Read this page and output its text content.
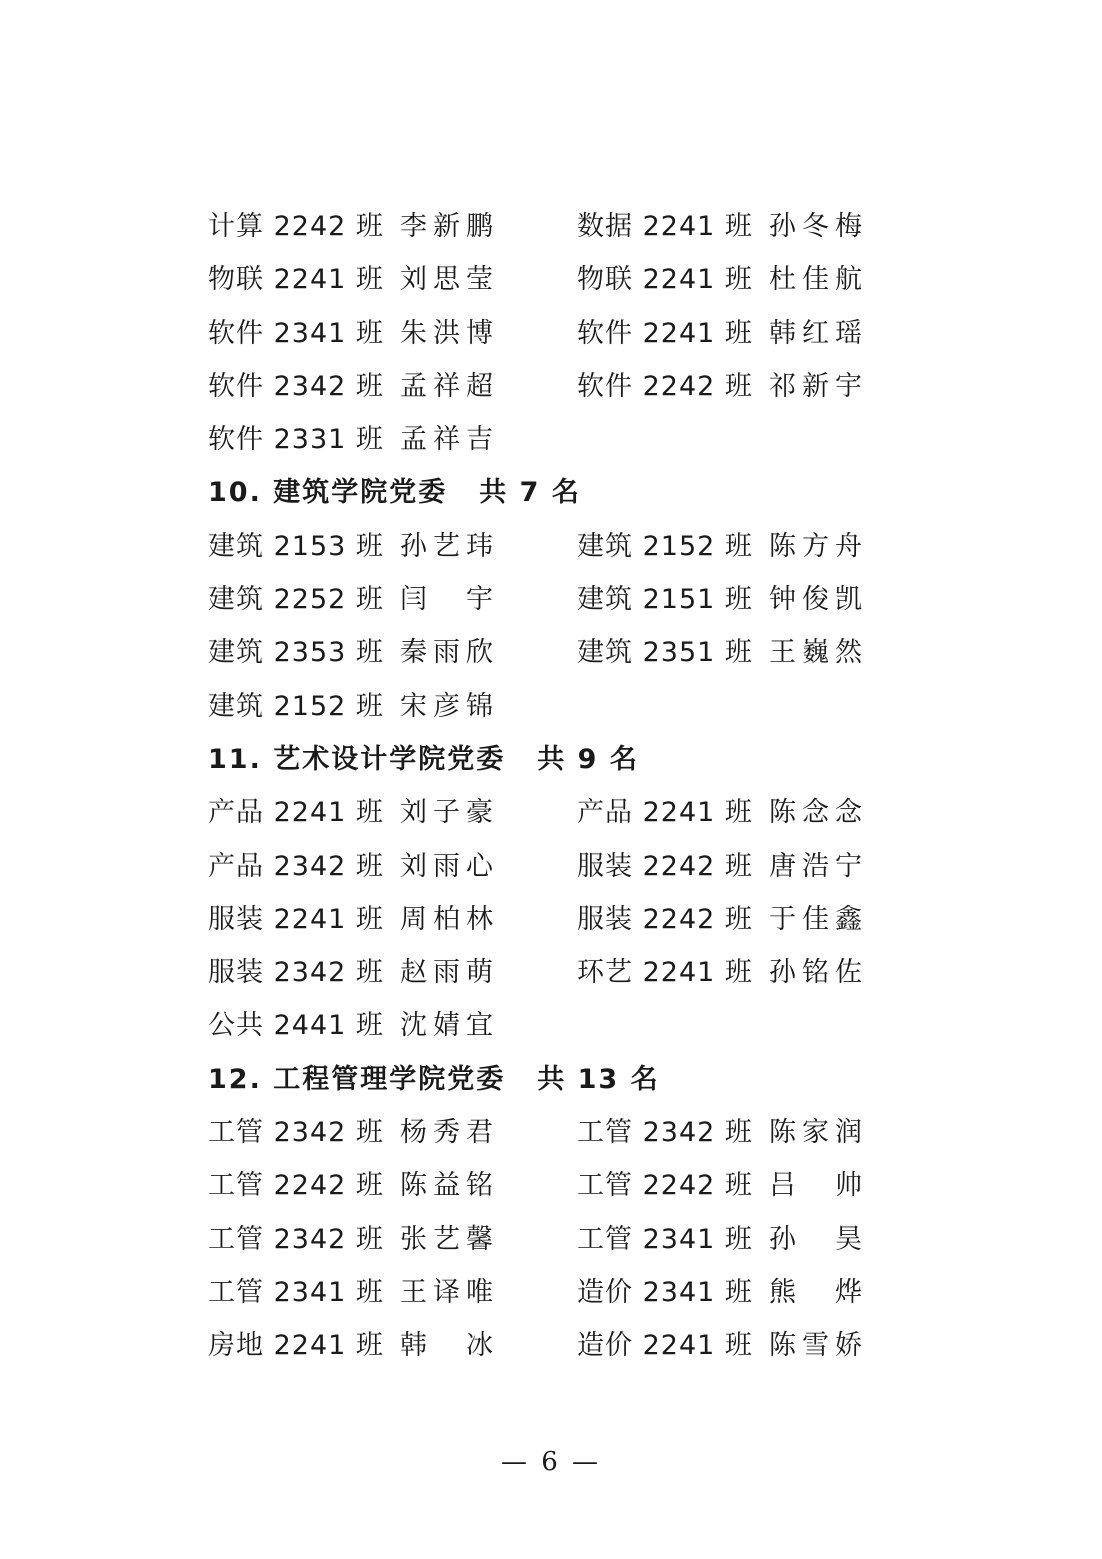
计算 2242 班 李新鹏	数据 2241 班 孙冬梅
物联 2241 班 刘思莹	物联 2241 班 杜佳航
软件 2341 班 朱洪博	软件 2241 班 韩红瑶
软件 2342 班 孟祥超	软件 2242 班 祁新宇
软件 2331 班 孟祥吉
10. 建筑学院党委 共 7 名
建筑 2153 班 孙艺玮	建筑 2152 班 陈方舟
建筑 2252 班 闫　宇	建筑 2151 班 钟俊凯
建筑 2353 班 秦雨欣	建筑 2351 班 王巍然
建筑 2152 班 宋彦锦
11. 艺术设计学院党委 共 9 名
产品 2241 班 刘子豪	产品 2241 班 陈念念
产品 2342 班 刘雨心	服装 2242 班 唐浩宁
服装 2241 班 周柏林	服装 2242 班 于佳鑫
服装 2342 班 赵雨萌	环艺 2241 班 孙铭佐
公共 2441 班 沈婧宜
12. 工程管理学院党委 共 13 名
工管 2342 班 杨秀君	工管 2342 班 陈家润
工管 2242 班 陈益铭	工管 2242 班 吕　帅
工管 2342 班 张艺馨	工管 2341 班 孙　昊
工管 2341 班 王译唯	造价 2341 班 熊　烨
房地 2241 班 韩　冰	造价 2241 班 陈雪娇
— 6 —
